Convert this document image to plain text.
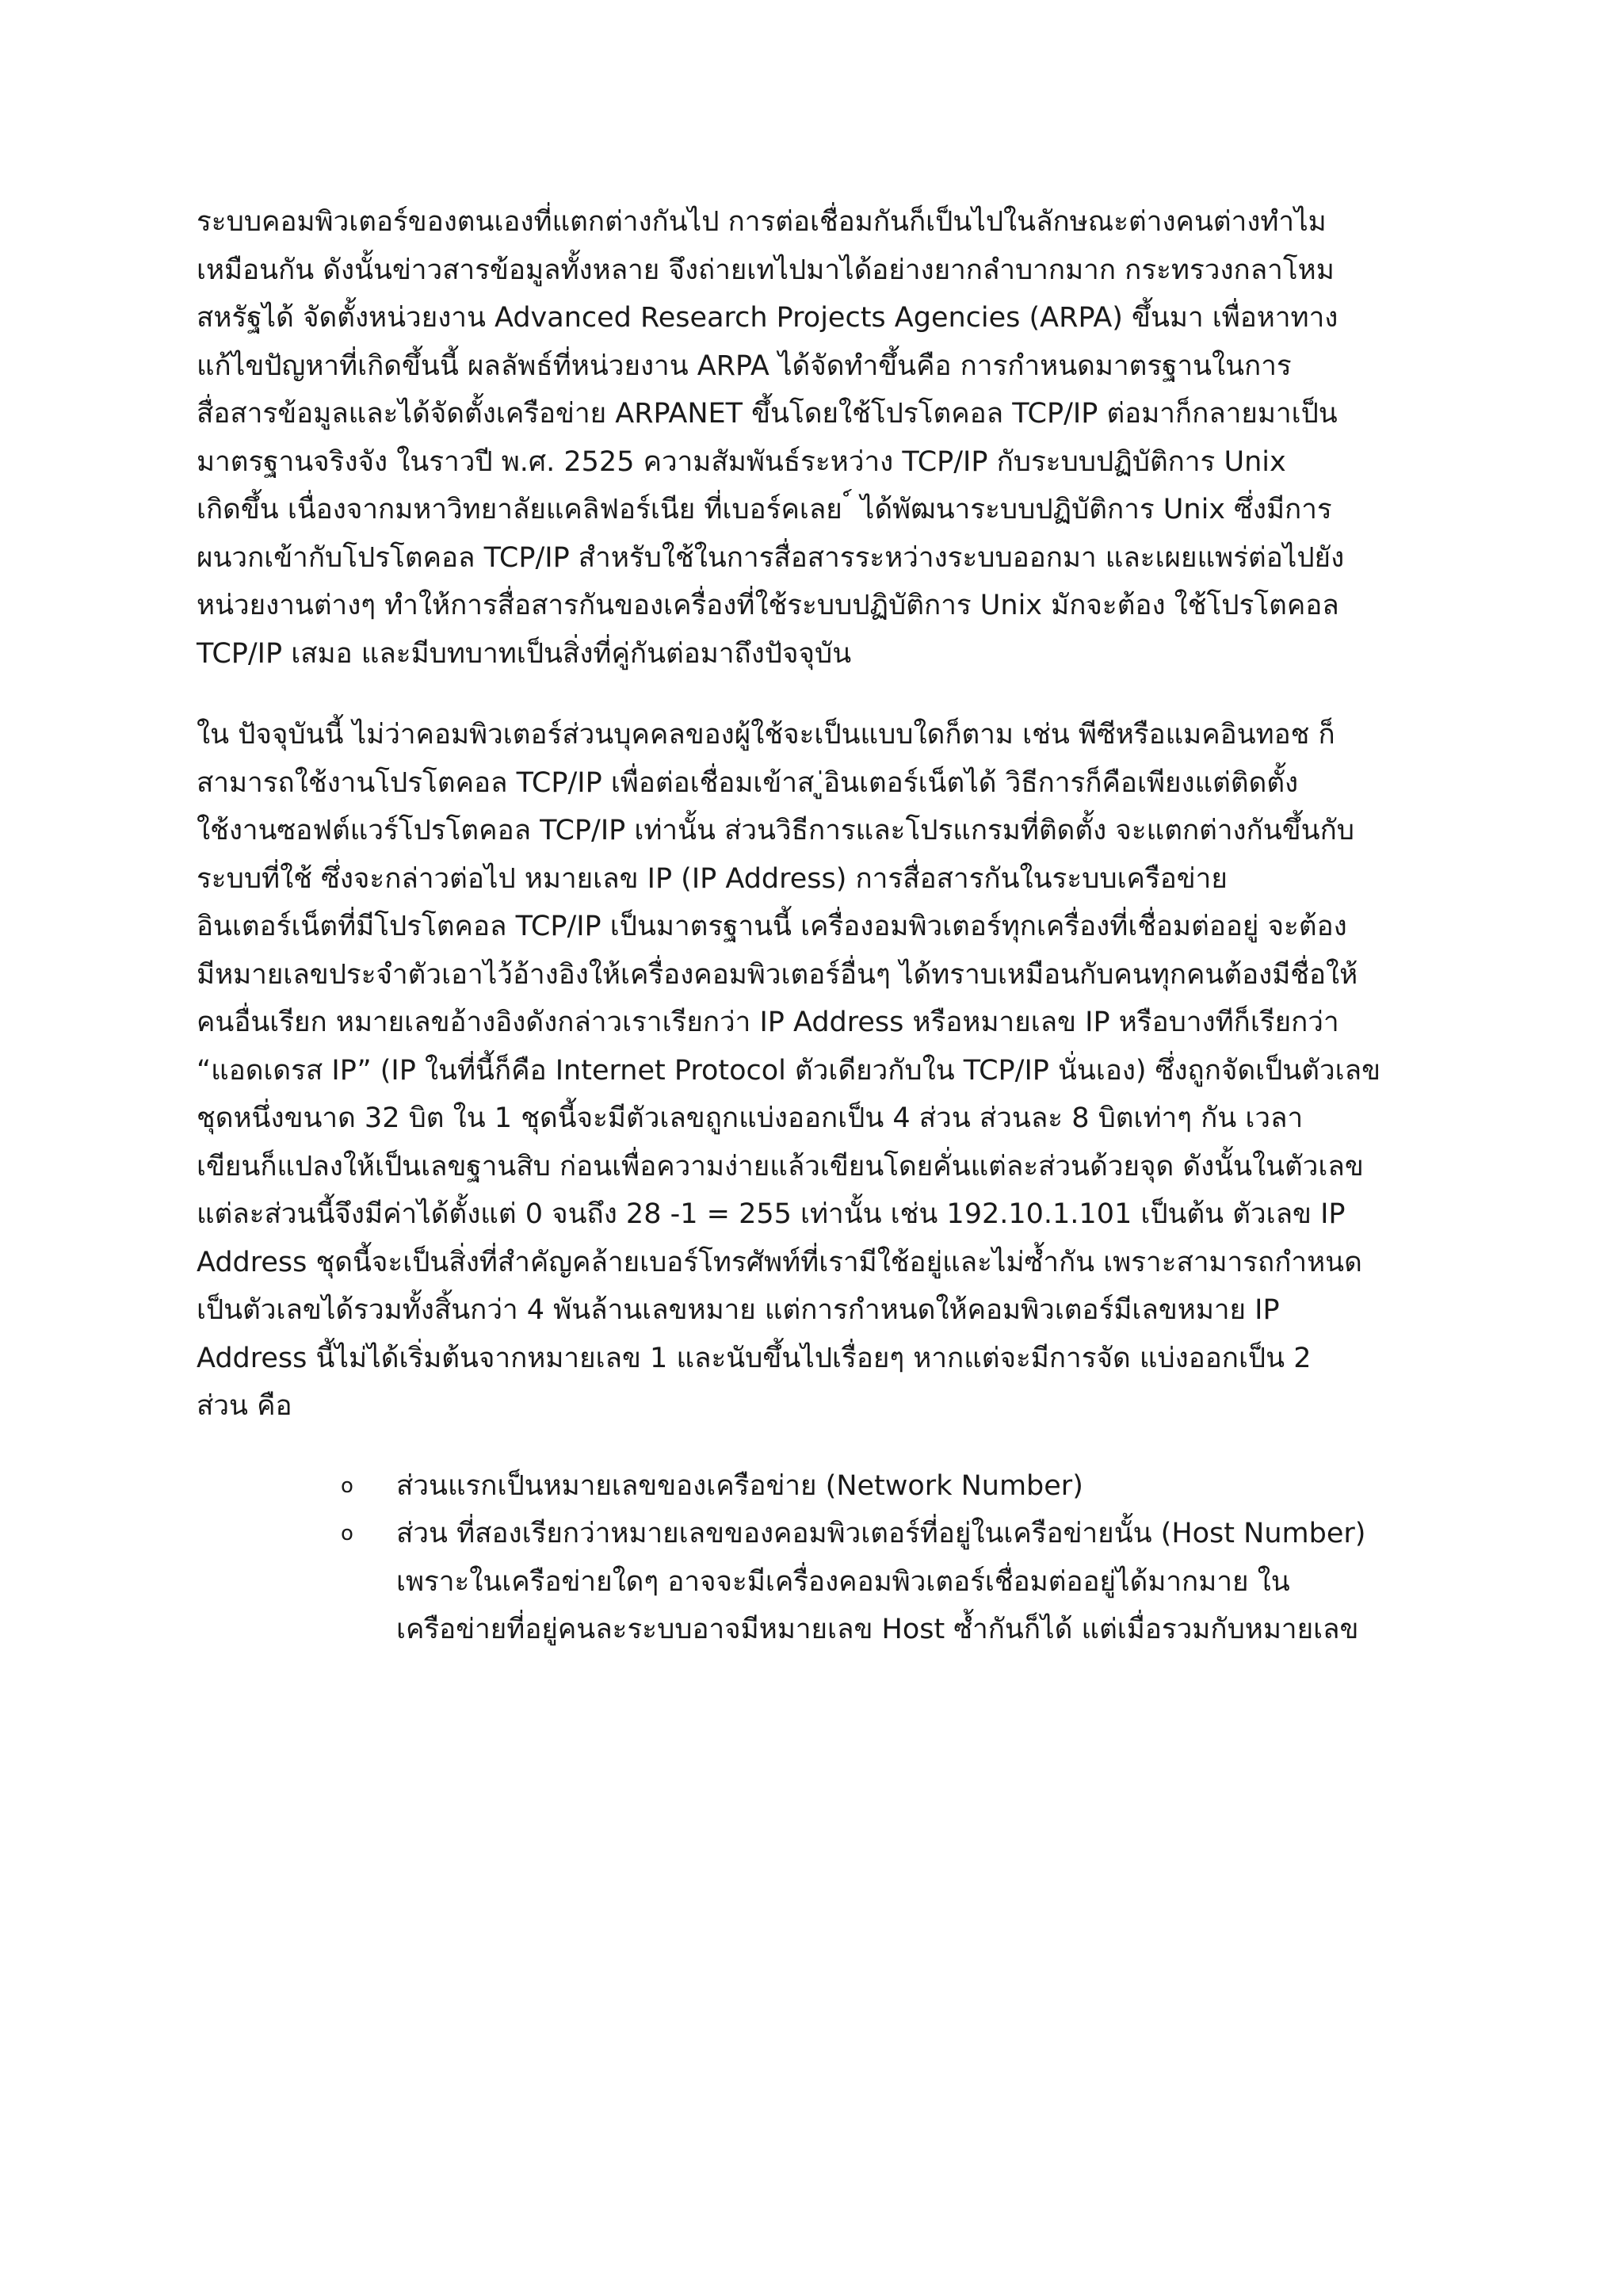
ระบบคอมพิวเตอร์ของตนเองที่แตกต่างกันไป การต่อเชื่อมกันก็เป็นไปในลักษณะต่างคนต่างทำไม
เหมือนกัน ดังนั้นข่าวสารข้อมูลทั้งหลาย จึงถ่ายเทไปมาได้อย่างยากลำบากมาก กระทรวงกลาโหม
สหรัฐได้ จัดตั้งหน่วยงาน Advanced Research Projects Agencies (ARPA) ขึ้นมา เพื่อหาทาง
แก้ไขปัญหาที่เกิดขึ้นนี้ ผลลัพธ์ที่หน่วยงาน ARPA ได้จัดทำขึ้นคือ การกำหนดมาตรฐานในการ
สื่อสารข้อมูลและได้จัดตั้งเครือข่าย ARPANET ขึ้นโดยใช้โปรโตคอล TCP/IP ต่อมาก็กลายมาเป็น
มาตรฐานจริงจัง ในราวปี พ.ศ. 2525 ความสัมพันธ์ระหว่าง TCP/IP กับระบบปฏิบัติการ Unix
เกิดขึ้น เนื่องจากมหาวิทยาลัยแคลิฟอร์เนีย ที่เบอร์คเลย ์ ได้พัฒนาระบบปฏิบัติการ Unix ซึ่งมีการ
ผนวกเข้ากับโปรโตคอล TCP/IP สำหรับใช้ในการสื่อสารระหว่างระบบออกมา และเผยแพร่ต่อไปยัง
หน่วยงานต่างๆ ทำให้การสื่อสารกันของเครื่องที่ใช้ระบบปฏิบัติการ Unix มักจะต้อง ใช้โปรโตคอล
TCP/IP เสมอ และมีบทบาทเป็นสิ่งที่คู่กันต่อมาถึงปัจจุบัน

ใน ปัจจุบันนี้ ไม่ว่าคอมพิวเตอร์ส่วนบุคคลของผู้ใช้จะเป็นแบบใดก็ตาม เช่น พีซีหรือแมคอินทอช ก็
สามารถใช้งานโปรโตคอล TCP/IP เพื่อต่อเชื่อมเข้าส ู่อินเตอร์เน็ตได้ วิธีการก็คือเพียงแต่ติดตั้ง
ใช้งานซอฟต์แวร์โปรโตคอล TCP/IP เท่านั้น ส่วนวิธีการและโปรแกรมที่ติดตั้ง จะแตกต่างกันขึ้นกับ
ระบบที่ใช้ ซึ่งจะกล่าวต่อไป หมายเลข IP (IP Address) การสื่อสารกันในระบบเครือข่าย
อินเตอร์เน็ตที่มีโปรโตคอล TCP/IP เป็นมาตรฐานนี้ เครื่องอมพิวเตอร์ทุกเครื่องที่เชื่อมต่ออยู่ จะต้อง
มีหมายเลขประจำตัวเอาไว้อ้างอิงให้เครื่องคอมพิวเตอร์อื่นๆ ได้ทราบเหมือนกับคนทุกคนต้องมีชื่อให้
คนอื่นเรียก หมายเลขอ้างอิงดังกล่าวเราเรียกว่า IP Address หรือหมายเลข IP หรือบางทีก็เรียกว่า
“แอดเดรส IP” (IP ในที่นี้ก็คือ Internet Protocol ตัวเดียวกับใน TCP/IP นั่นเอง) ซึ่งถูกจัดเป็นตัวเลข
ชุดหนึ่งขนาด 32 บิต ใน 1 ชุดนี้จะมีตัวเลขถูกแบ่งออกเป็น 4 ส่วน ส่วนละ 8 บิตเท่าๆ กัน เวลา
เขียนก็แปลงให้เป็นเลขฐานสิบ ก่อนเพื่อความง่ายแล้วเขียนโดยคั่นแต่ละส่วนด้วยจุด ดังนั้นในตัวเลข
แต่ละส่วนนี้จึงมีค่าได้ตั้งแต่ 0 จนถึง 28 -1 = 255 เท่านั้น เช่น 192.10.1.101 เป็นต้น ตัวเลข IP
Address ชุดนี้จะเป็นสิ่งที่สำคัญคล้ายเบอร์โทรศัพท์ที่เรามีใช้อยู่และไม่ซ้ำกัน เพราะสามารถกำหนด
เป็นตัวเลขได้รวมทั้งสิ้นกว่า 4 พันล้านเลขหมาย แต่การกำหนดให้คอมพิวเตอร์มีเลขหมาย IP
Address นี้ไม่ได้เริ่มต้นจากหมายเลข 1 และนับขึ้นไปเรื่อยๆ หากแต่จะมีการจัด แบ่งออกเป็น 2
ส่วน คือ

o	ส่วนแรกเป็นหมายเลขของเครือข่าย (Network Number)
o	ส่วน ที่สองเรียกว่าหมายเลขของคอมพิวเตอร์ที่อยู่ในเครือข่ายนั้น (Host Number)
เพราะในเครือข่ายใดๆ อาจจะมีเครื่องคอมพิวเตอร์เชื่อมต่ออยู่ได้มากมาย ใน
เครือข่ายที่อยู่คนละระบบอาจมีหมายเลข Host ซ้ำกันก็ได้ แต่เมื่อรวมกับหมายเลข
